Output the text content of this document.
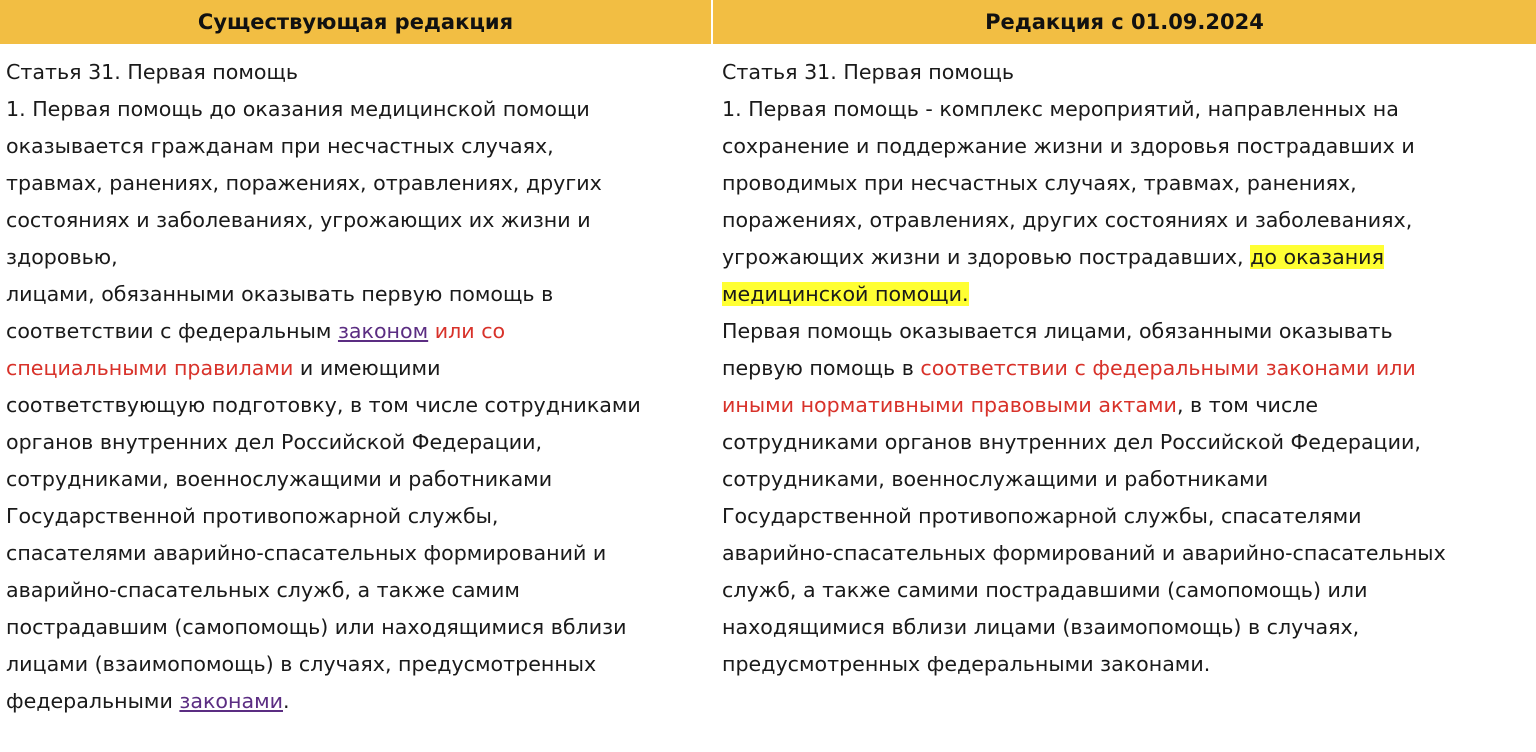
Существующая редакция
Статья 31. Первая помощь
1. Первая помощь до оказания медицинской помощи
оказывается гражданам при несчастных случаях,
травмах, ранениях, поражениях, отравлениях, других
состояниях и заболеваниях, угрожающих их жизни и
здоровью,
лицами, обязанными оказывать первую помощь в
соответствии с федеральным законом или со
специальными правилами и имеющими
соответствующую подготовку, в том числе сотрудниками
органов внутренних дел Российской Федерации,
сотрудниками, военнослужащими и работниками
Государственной противопожарной службы,
спасателями аварийно-спасательных формирований и
аварийно-спасательных служб, а также самим
пострадавшим (самопомощь) или находящимися вблизи
лицами (взаимопомощь) в случаях, предусмотренных
федеральными законами.
Редакция с 01.09.2024
Статья 31. Первая помощь
1. Первая помощь - комплекс мероприятий, направленных на
сохранение и поддержание жизни и здоровья пострадавших и
проводимых при несчастных случаях, травмах, ранениях,
поражениях, отравлениях, других состояниях и заболеваниях,
угрожающих жизни и здоровью пострадавших, до оказания
медицинской помощи.
Первая помощь оказывается лицами, обязанными оказывать
первую помощь в соответствии с федеральными законами или
иными нормативными правовыми актами, в том числе
сотрудниками органов внутренних дел Российской Федерации,
сотрудниками, военнослужащими и работниками
Государственной противопожарной службы, спасателями
аварийно-спасательных формирований и аварийно-спасательных
служб, а также самими пострадавшими (самопомощь) или
находящимися вблизи лицами (взаимопомощь) в случаях,
предусмотренных федеральными законами.
